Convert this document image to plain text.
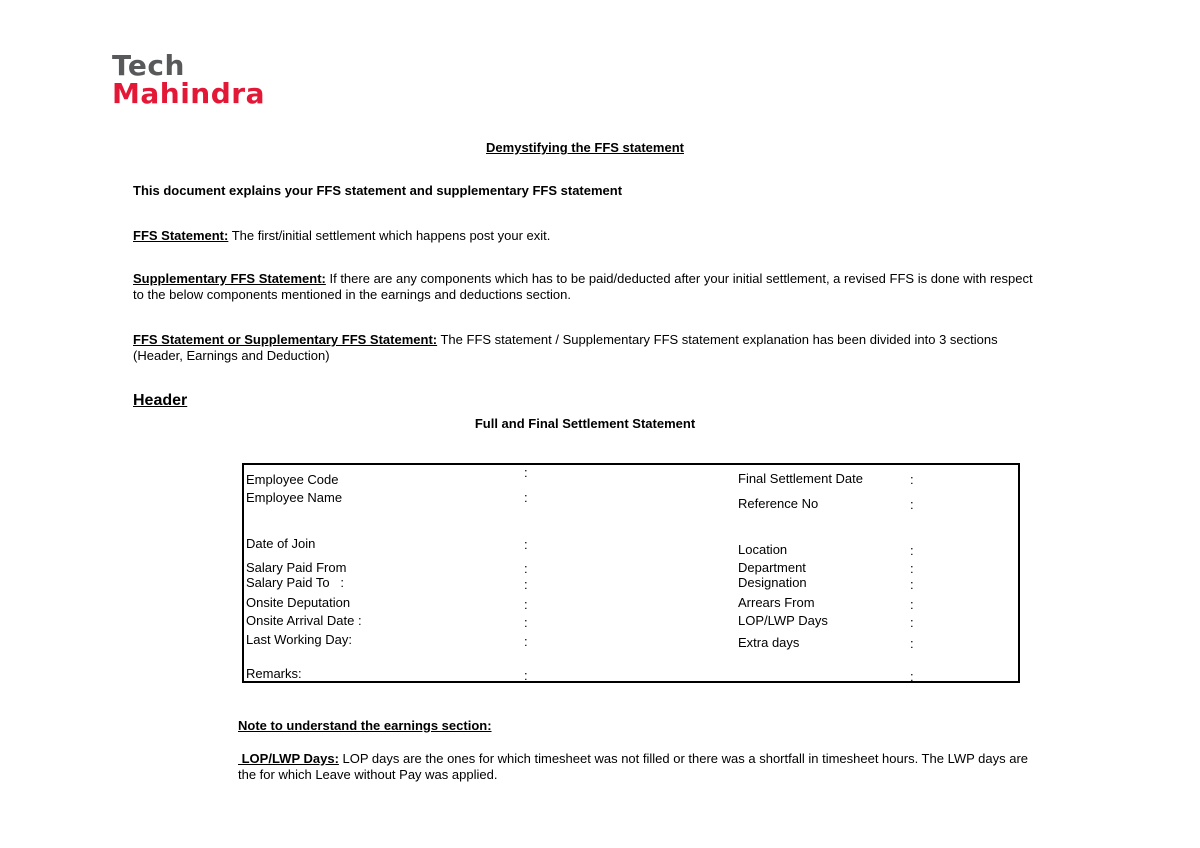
Tech
Mahindra
Demystifying the FFS statement
This document explains your FFS statement and supplementary FFS statement
FFS Statement: The first/initial settlement which happens post your exit.
Supplementary FFS Statement: If there are any components which has to be paid/deducted after your initial settlement, a revised FFS is done with respect to the below components mentioned in the earnings and deductions section.
FFS Statement or Supplementary FFS Statement: The FFS statement / Supplementary FFS statement explanation has been divided into 3 sections (Header, Earnings and Deduction)
Header
Full and Final Settlement Statement
Employee Code
Employee Name
Date of Join
Salary Paid From
Salary Paid To   :
Onsite Deputation
Onsite Arrival Date :
Last Working Day:
Remarks:
:
:
:
:
:
:
:
:
:
Final Settlement Date
Reference No
Location
Department
Designation
Arrears From
LOP/LWP Days
Extra days
:
:
:
:
:
:
:
:
:
Note to understand the earnings section:
LOP/LWP Days: LOP days are the ones for which timesheet was not filled or there was a shortfall in timesheet hours. The LWP days are the for which Leave without Pay was applied.
